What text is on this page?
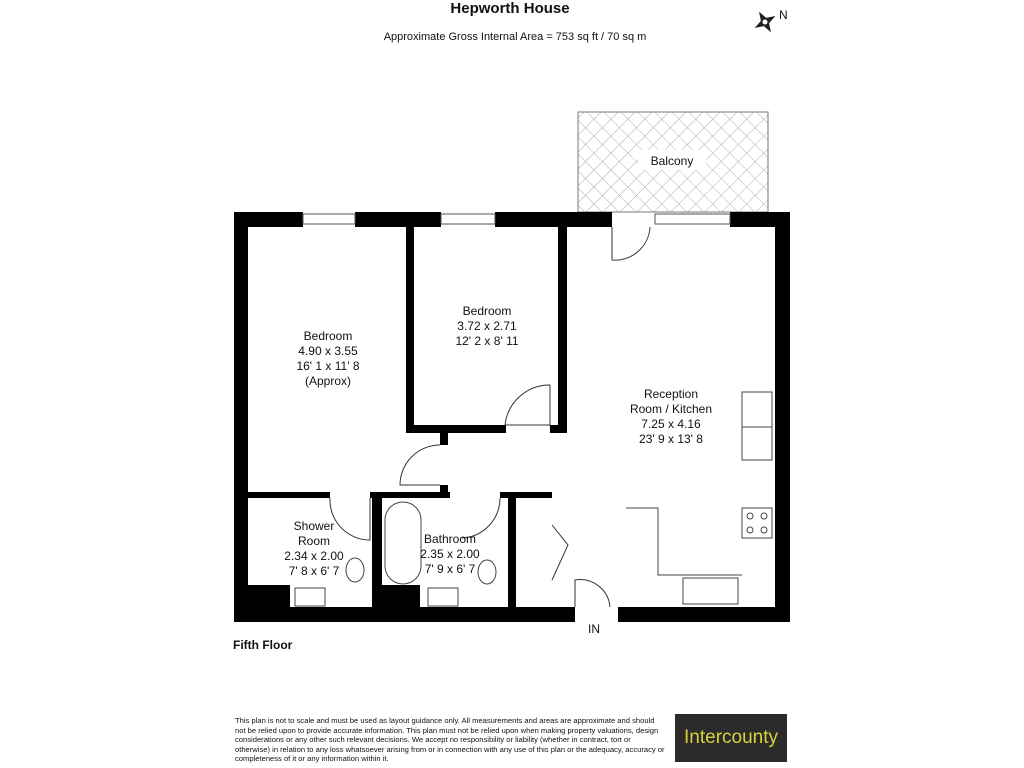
Hepworth House
Approximate Gross Internal Area = 753 sq ft / 70 sq m
N
Balcony
Bedroom
4.90 x 3.55
16' 1 x 11' 8
(Approx)
Bedroom
3.72 x 2.71
12' 2 x 8' 11
Reception
Room / Kitchen
7.25 x 4.16
23' 9 x 13' 8
Shower
Room
2.34 x 2.00
7' 8 x 6' 7
Bathroom
2.35 x 2.00
7' 9 x 6' 7
IN
Fifth Floor
This plan is not to scale and must be used as layout guidance only. All measurements and areas are approximate and should not be relied upon to provide accurate information. This plan must not be relied upon when making property valuations, design considerations or any other such relevant decisions. We accept no responsibility or liability (whether in contract, tort or otherwise) in relation to any loss whatsoever arising from or in connection with any use of this plan or the adequacy, accuracy or completeness of it or any information within it.
Intercounty
